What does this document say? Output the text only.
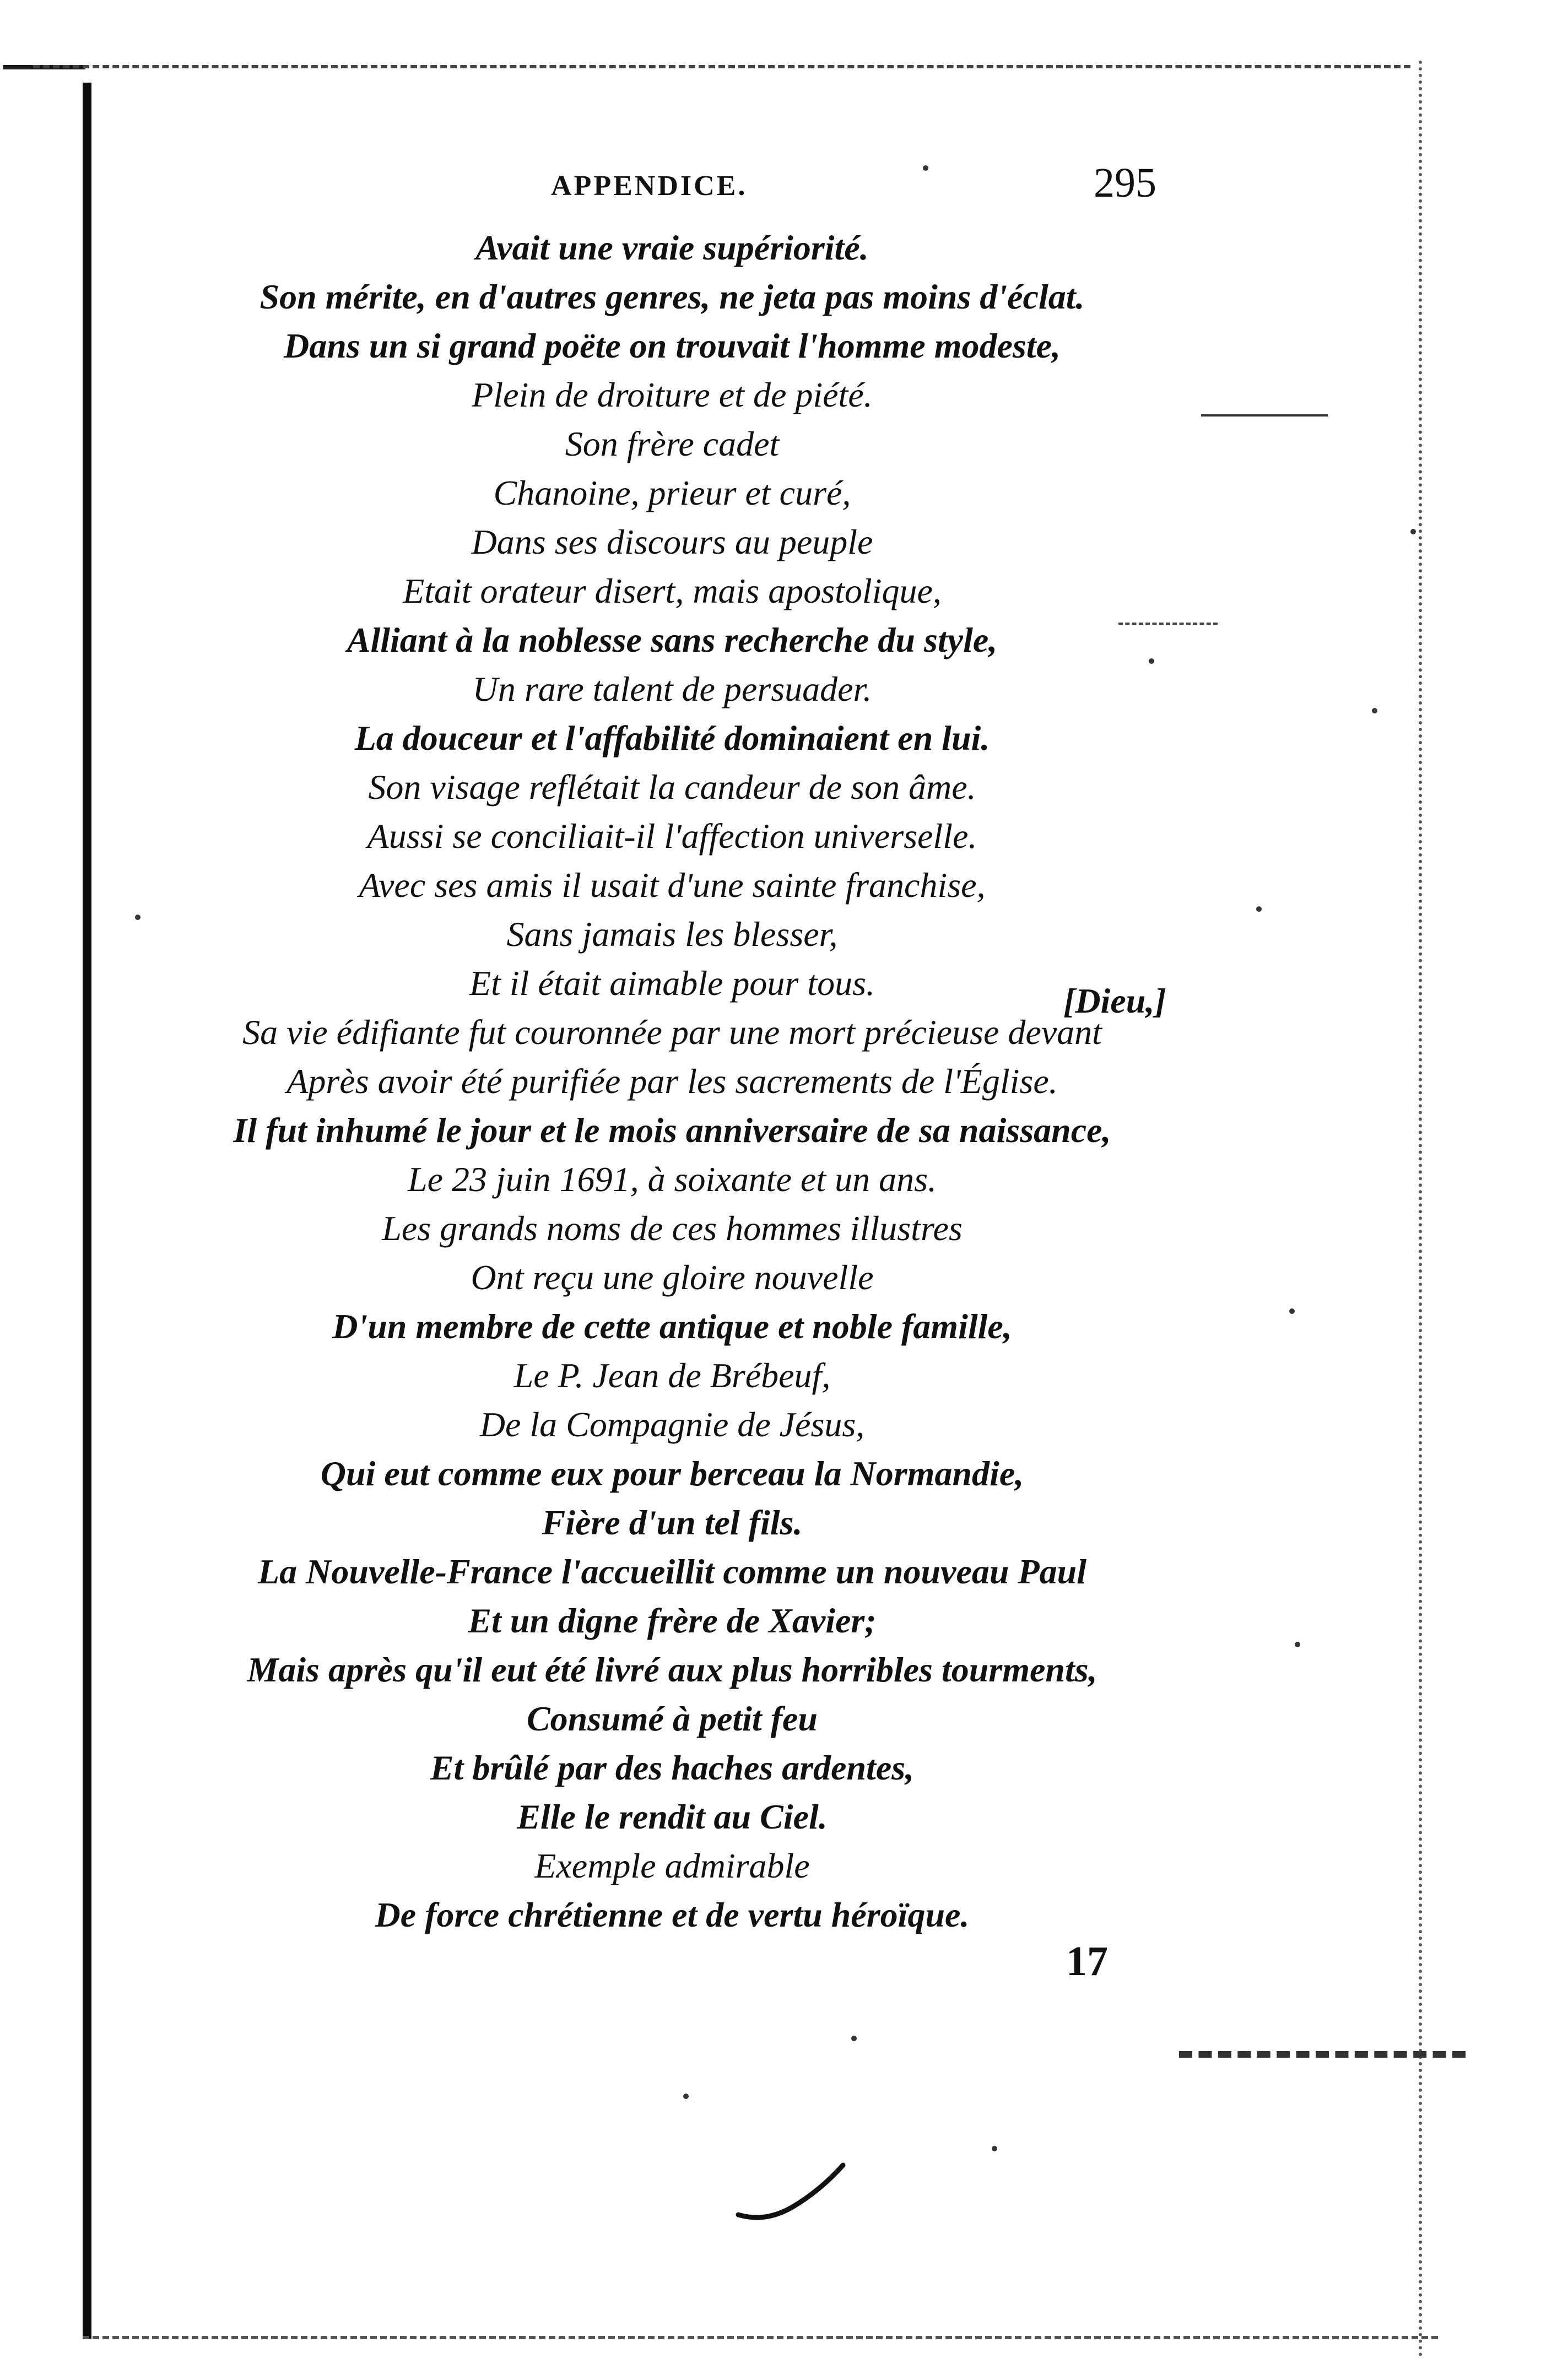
APPENDICE.	295
Avait une vraie supériorité.
Son mérite, en d'autres genres, ne jeta pas moins d'éclat.
Dans un si grand poëte on trouvait l'homme modeste,
Plein de droiture et de piété.
Son frère cadet
Chanoine, prieur et curé,
Dans ses discours au peuple
Etait orateur disert, mais apostolique,
Alliant à la noblesse sans recherche du style,
Un rare talent de persuader.
La douceur et l'affabilité dominaient en lui.
Son visage reflétait la candeur de son âme.
Aussi se conciliait-il l'affection universelle.
Avec ses amis il usait d'une sainte franchise,
Sans jamais les blesser,
Et il était aimable pour tous.
Sa vie édifiante fut couronnée par une mort précieuse devant
Après avoir été purifiée par les sacrements de l'Église.
Il fut inhumé le jour et le mois anniversaire de sa naissance,
Le 23 juin 1691, à soixante et un ans.
Les grands noms de ces hommes illustres
Ont reçu une gloire nouvelle
D'un membre de cette antique et noble famille,
Le P. Jean de Brébeuf,
De la Compagnie de Jésus,
Qui eut comme eux pour berceau la Normandie,
Fière d'un tel fils.
La Nouvelle-France l'accueillit comme un nouveau Paul
Et un digne frère de Xavier;
Mais après qu'il eut été livré aux plus horribles tourments,
Consumé à petit feu
Et brûlé par des haches ardentes,
Elle le rendit au Ciel.
Exemple admirable
De force chrétienne et de vertu héroïque.
[Dieu,]
17
